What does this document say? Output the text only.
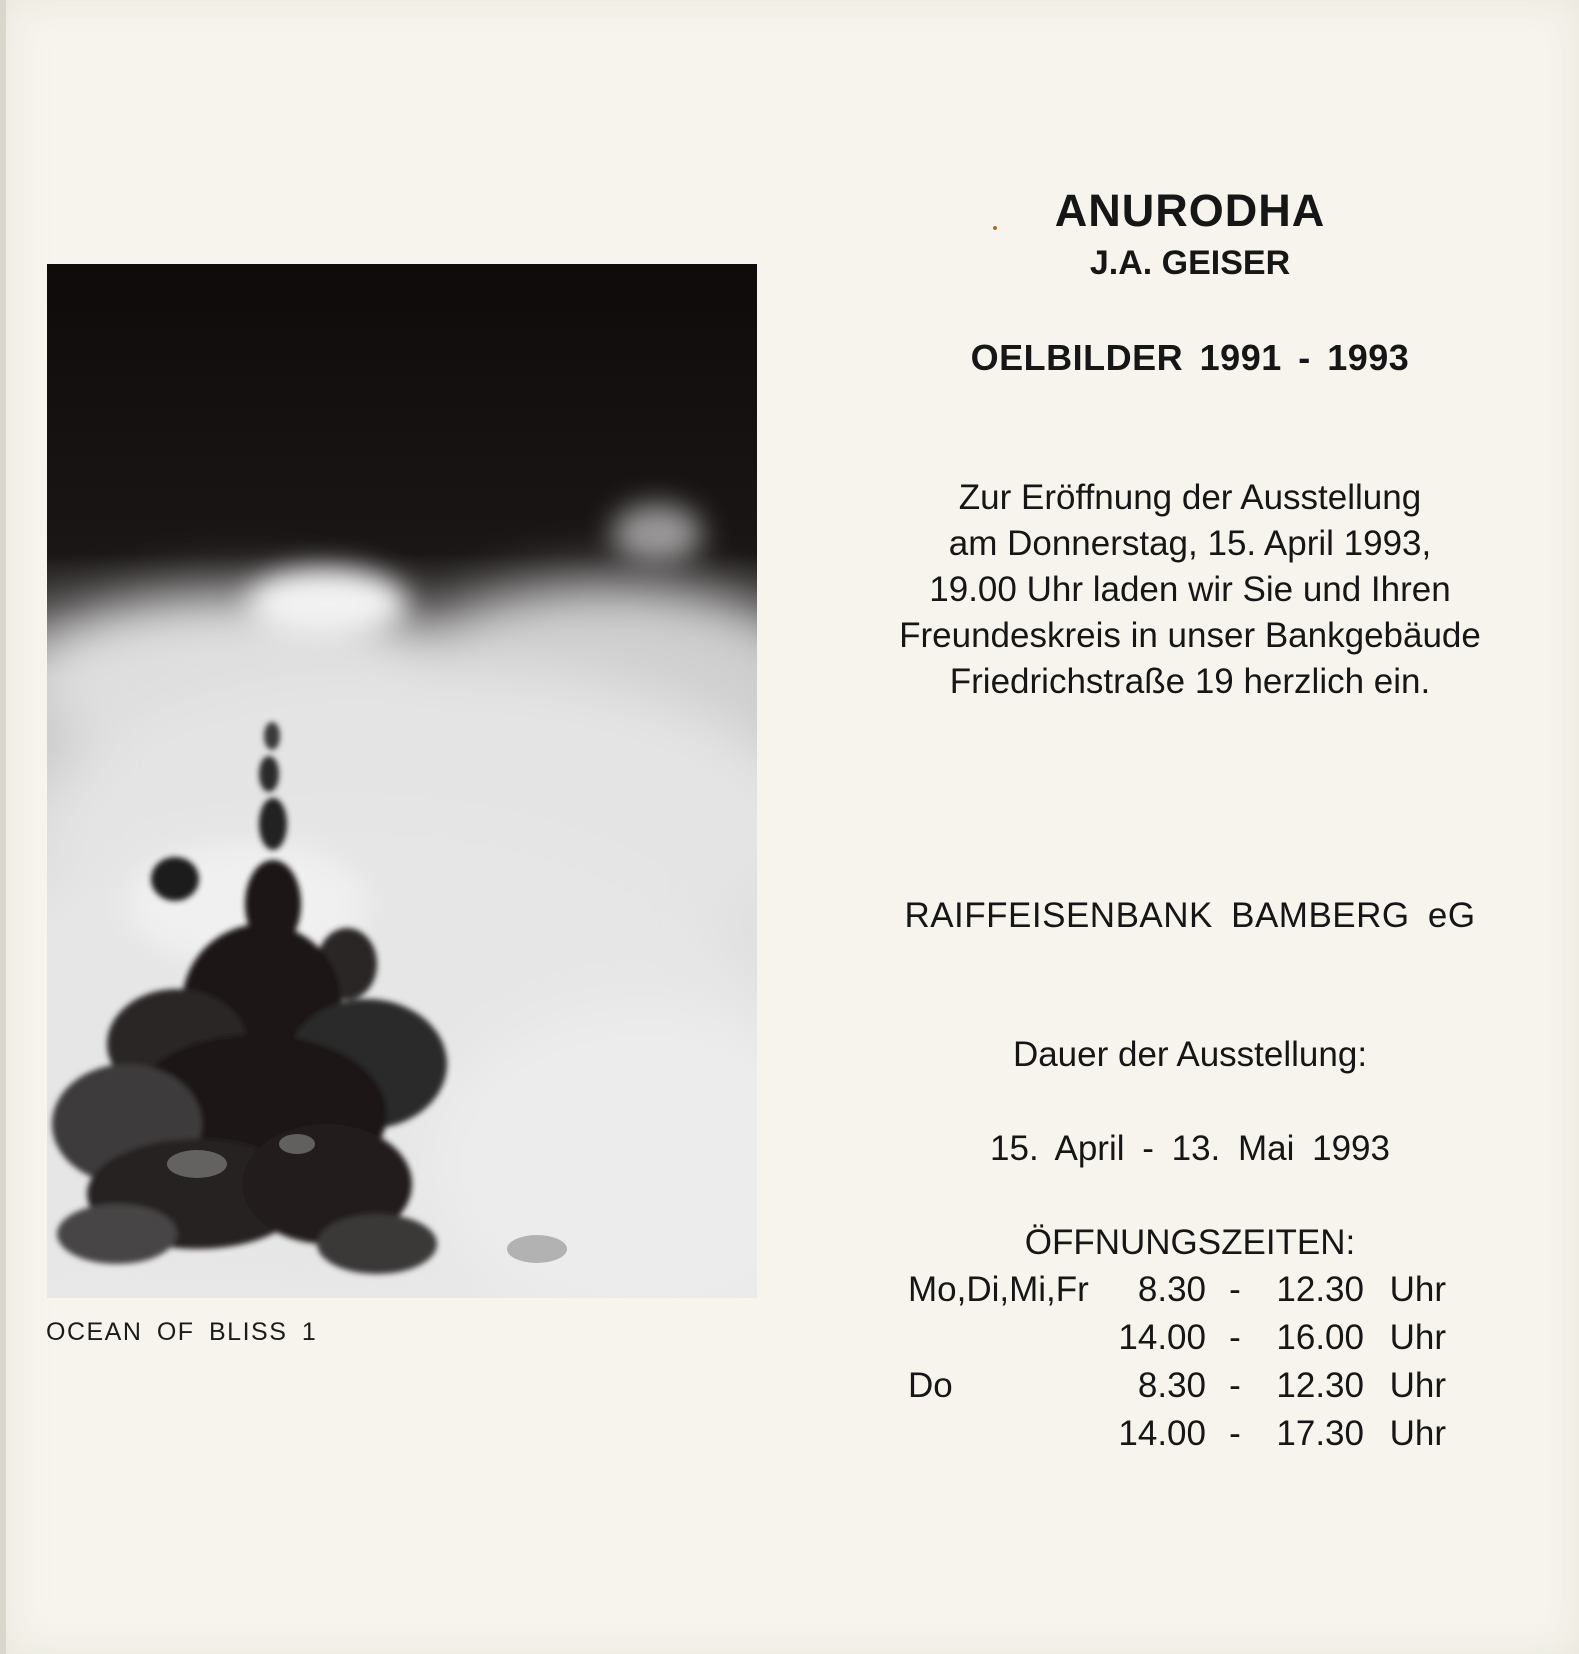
OCEAN OF BLISS 1
ANURODHA
J.A. GEISER
OELBILDER 1991 - 1993
Zur Eröffnung der Ausstellung
am Donnerstag, 15. April 1993,
19.00 Uhr laden wir Sie und Ihren
Freundeskreis in unser Bankgebäude
Friedrichstraße 19 herzlich ein.
RAIFFEISENBANK BAMBERG eG
Dauer der Ausstellung:
15. April - 13. Mai 1993
ÖFFNUNGSZEITEN:
Mo,Di,Mi,Fr	8.30	-	12.30	Uhr
	14.00	-	16.00	Uhr
Do	8.30	-	12.30	Uhr
	14.00	-	17.30	Uhr
